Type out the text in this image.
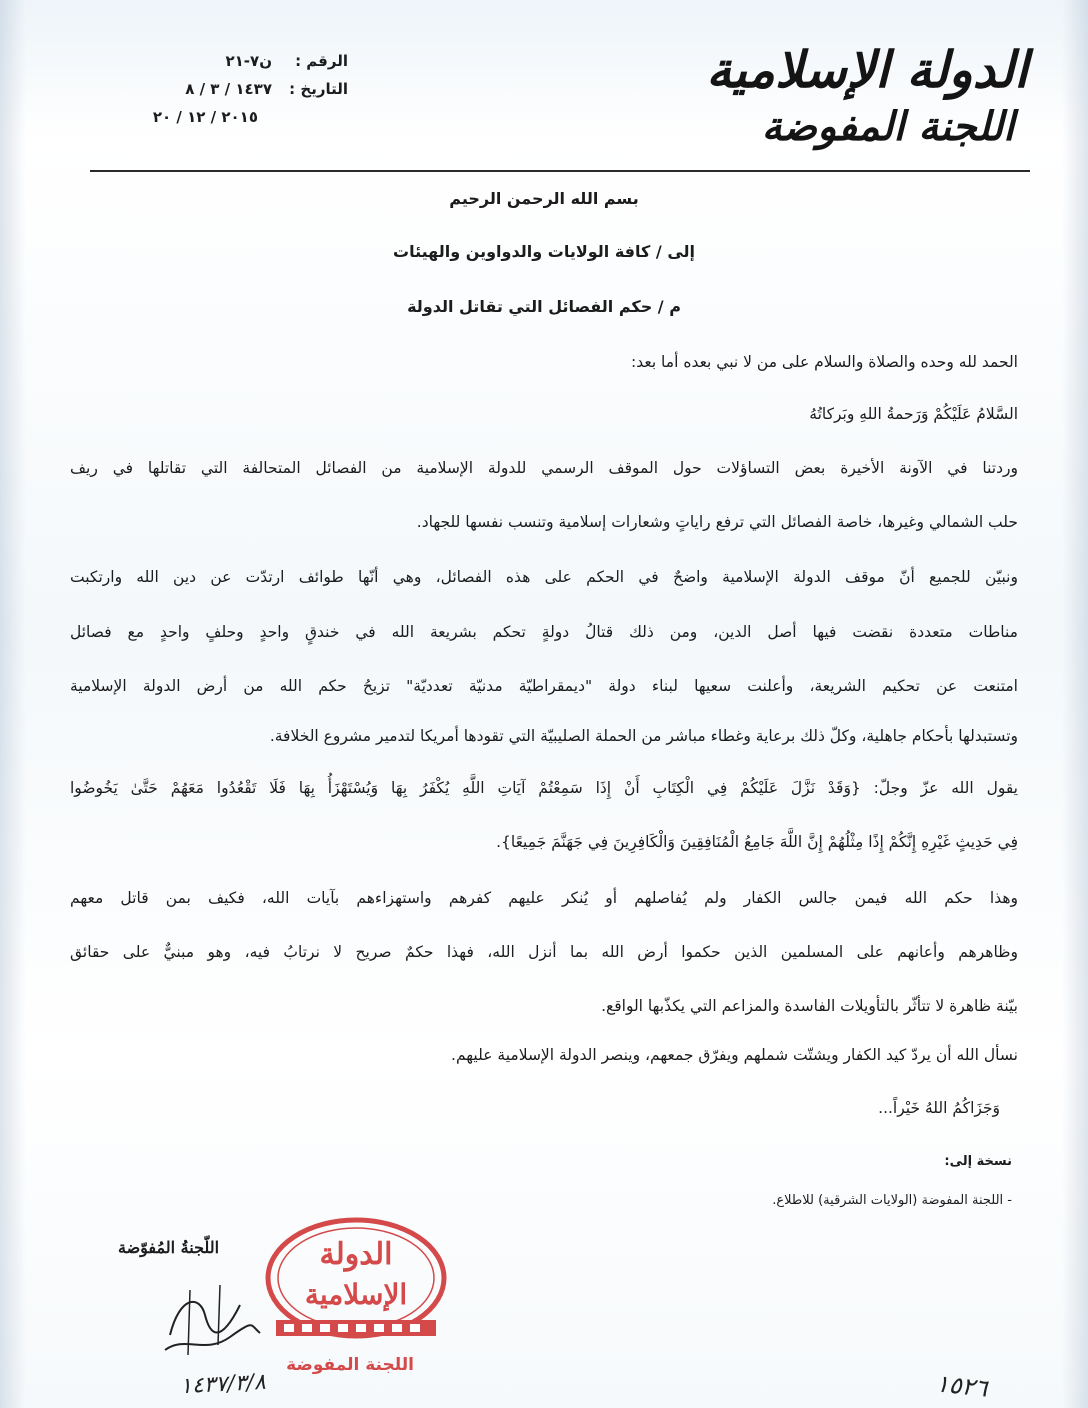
الدولة الإسلامية
اللجنة المفوضة
الرقم :
ن٧-٢١
التاريخ :
١٤٣٧ / ٣ / ٨
٢٠١٥ / ١٢ / ٢٠
بسم الله الرحمن الرحيم
إلى / كافة الولايات والدواوين والهيئات
م / حكم الفصائل التي تقاتل الدولة
الحمد لله وحده والصلاة والسلام على من لا نبي بعده أما بعد:
السَّلامُ عَلَيْكُمْ وَرَحمةُ اللهِ وبَركاتُهُ
وردتنا في الآونة الأخيرة بعض التساؤلات حول الموقف الرسمي للدولة الإسلامية من الفصائل المتحالفة التي تقاتلها في ريف
حلب الشمالي وغيرها، خاصة الفصائل التي ترفع راياتٍ وشعارات إسلامية وتنسب نفسها للجهاد.
ونبيّن للجميع أنّ موقف الدولة الإسلامية واضحٌ في الحكم على هذه الفصائل، وهي أنّها طوائف ارتدّت عن دين الله وارتكبت
مناطات متعددة نقضت فيها أصل الدين، ومن ذلك قتالُ دولةٍ تحكم بشريعة الله في خندقٍ واحدٍ وحلفٍ واحدٍ مع فصائل
امتنعت عن تحكيم الشريعة، وأعلنت سعيها لبناء دولة "ديمقراطيّة مدنيّة تعدديّة" تزيحُ حكم الله من أرض الدولة الإسلامية
وتستبدلها بأحكام جاهلية، وكلّ ذلك برعاية وغطاء مباشر من الحملة الصليبيّة التي تقودها أمريكا لتدمير مشروع الخلافة.
يقول الله عزّ وجلّ: {وَقَدْ نَزَّلَ عَلَيْكُمْ فِي الْكِتَابِ أَنْ إِذَا سَمِعْتُمْ آيَاتِ اللَّهِ يُكْفَرُ بِهَا وَيُسْتَهْزَأُ بِهَا فَلَا تَقْعُدُوا مَعَهُمْ حَتَّىٰ يَخُوضُوا
فِي حَدِيثٍ غَيْرِهِ إِنَّكُمْ إِذًا مِثْلُهُمْ إِنَّ اللَّهَ جَامِعُ الْمُنَافِقِينَ وَالْكَافِرِينَ فِي جَهَنَّمَ جَمِيعًا}.
وهذا حكم الله فيمن جالس الكفار ولم يُفاصلهم أو يُنكر عليهم كفرهم واستهزاءهم بآيات الله، فكيف بمن قاتل معهم
وظاهرهم وأعانهم على المسلمين الذين حكموا أرض الله بما أنزل الله، فهذا حكمٌ صريح لا نرتابُ فيه، وهو مبنيٌّ على حقائق
بيّنة ظاهرة لا تتأثّر بالتأويلات الفاسدة والمزاعم التي يكذّبها الواقع.
نسأل الله أن يردّ كيد الكفار ويشتّت شملهم ويفرّق جمعهم، وينصر الدولة الإسلامية عليهم.
وَجَزَاكُمُ اللهُ خَيْراً...
نسخة إلى:
- اللجنة المفوضة (الولايات الشرقية) للاطلاع.
اللّجنةُ المُفوّضة	الدولة
الإسلامية
اللجنة المفوضة
١٤٣٧/٣/٨	١٥٢٦
